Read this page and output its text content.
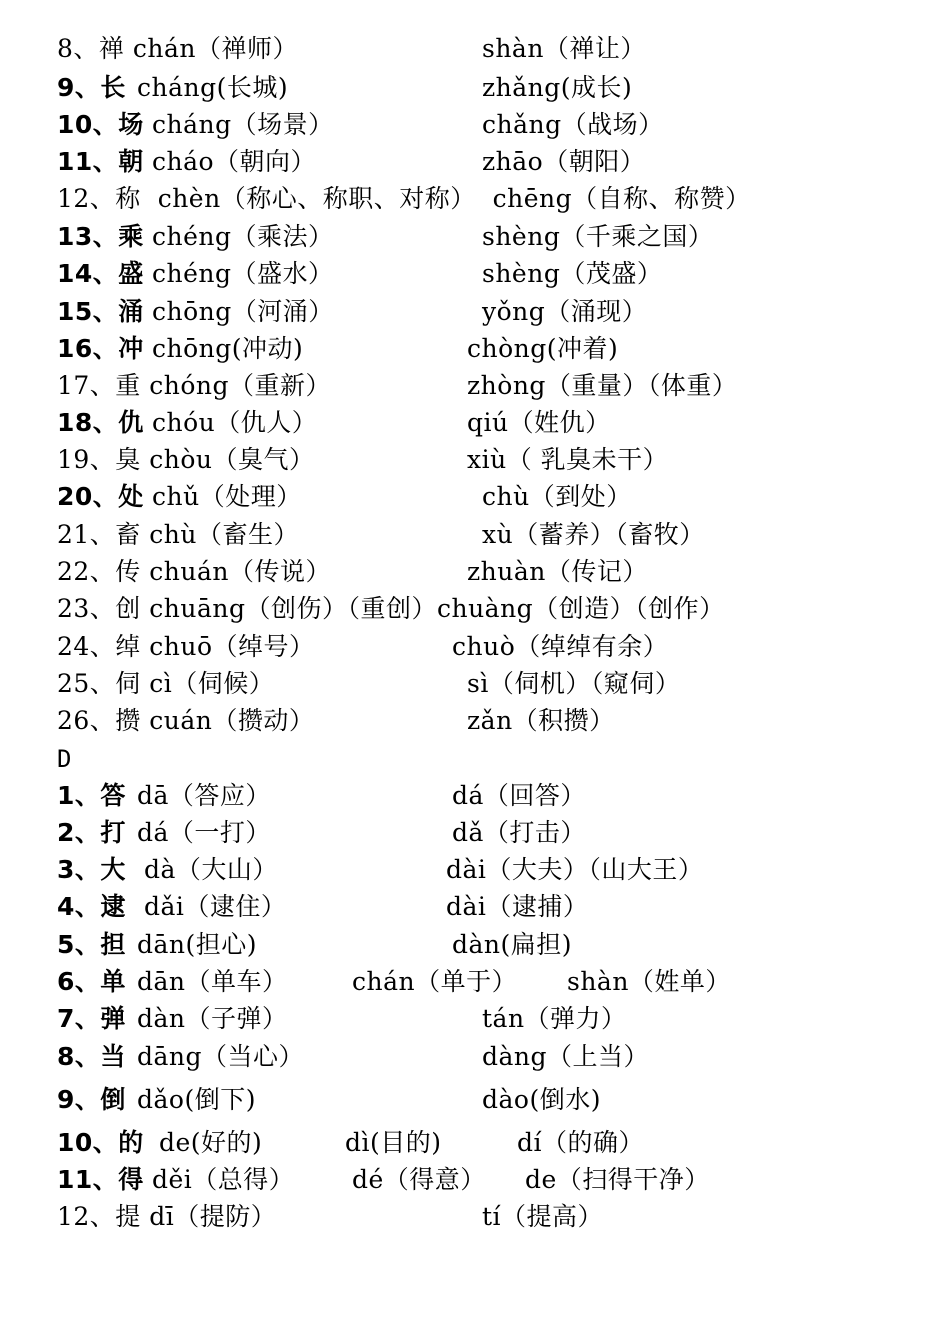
8、禅 chán（禅师）	shàn（禅让）
9、长 cháng(长城)	zhǎng(成长)
10、场 cháng（场景）	chǎng（战场）
11、朝 cháo（朝向）	zhāo（朝阳）
12、称  chèn（称心、称职、对称）  chēng（自称、称赞）
13、乘 chéng（乘法）	shèng（千乘之国）
14、盛 chéng（盛水）	shèng（茂盛）
15、涌 chōng（河涌）	yǒng（涌现）
16、冲 chōng(冲动)	chòng(冲着)
17、重 chóng（重新）	zhòng（重量）（体重）
18、仇 chóu（仇人）	qiú（姓仇）
19、臭 chòu（臭气）	xiù（ 乳臭未干）
20、处 chǔ（处理）	chù（到处）
21、畜 chù（畜生）	xù（蓄养）（畜牧）
22、传 chuán（传说）	zhuàn（传记）
23、创 chuāng（创伤）（重创）chuàng（创造）（创作）
24、绰 chuō（绰号）	chuò（绰绰有余）
25、伺 cì（伺候）	sì（伺机）（窥伺）
26、攒 cuán（攒动）	zǎn（积攒）
D
1、答 dā（答应）	dá（回答）
2、打 dá（一打）	dǎ（打击）
3、大 dà（大山）	dài（大夫）（山大王）
4、逮 dǎi（逮住）	dài（逮捕）
5、担 dān(担心)	dàn(扁担)
6、单 dān（单车）	chán（单于） shàn（姓单）
7、弹 dàn（子弹）	tán（弹力）
8、当 dāng（当心）	dàng（上当）
9、倒 dǎo(倒下)	dào(倒水)
10、的 de(好的)	dì(目的)	dí（的确）
11、得 děi（总得） dé（得意） de（扫得干净）
12、提 dī（提防）	tí（提高）
